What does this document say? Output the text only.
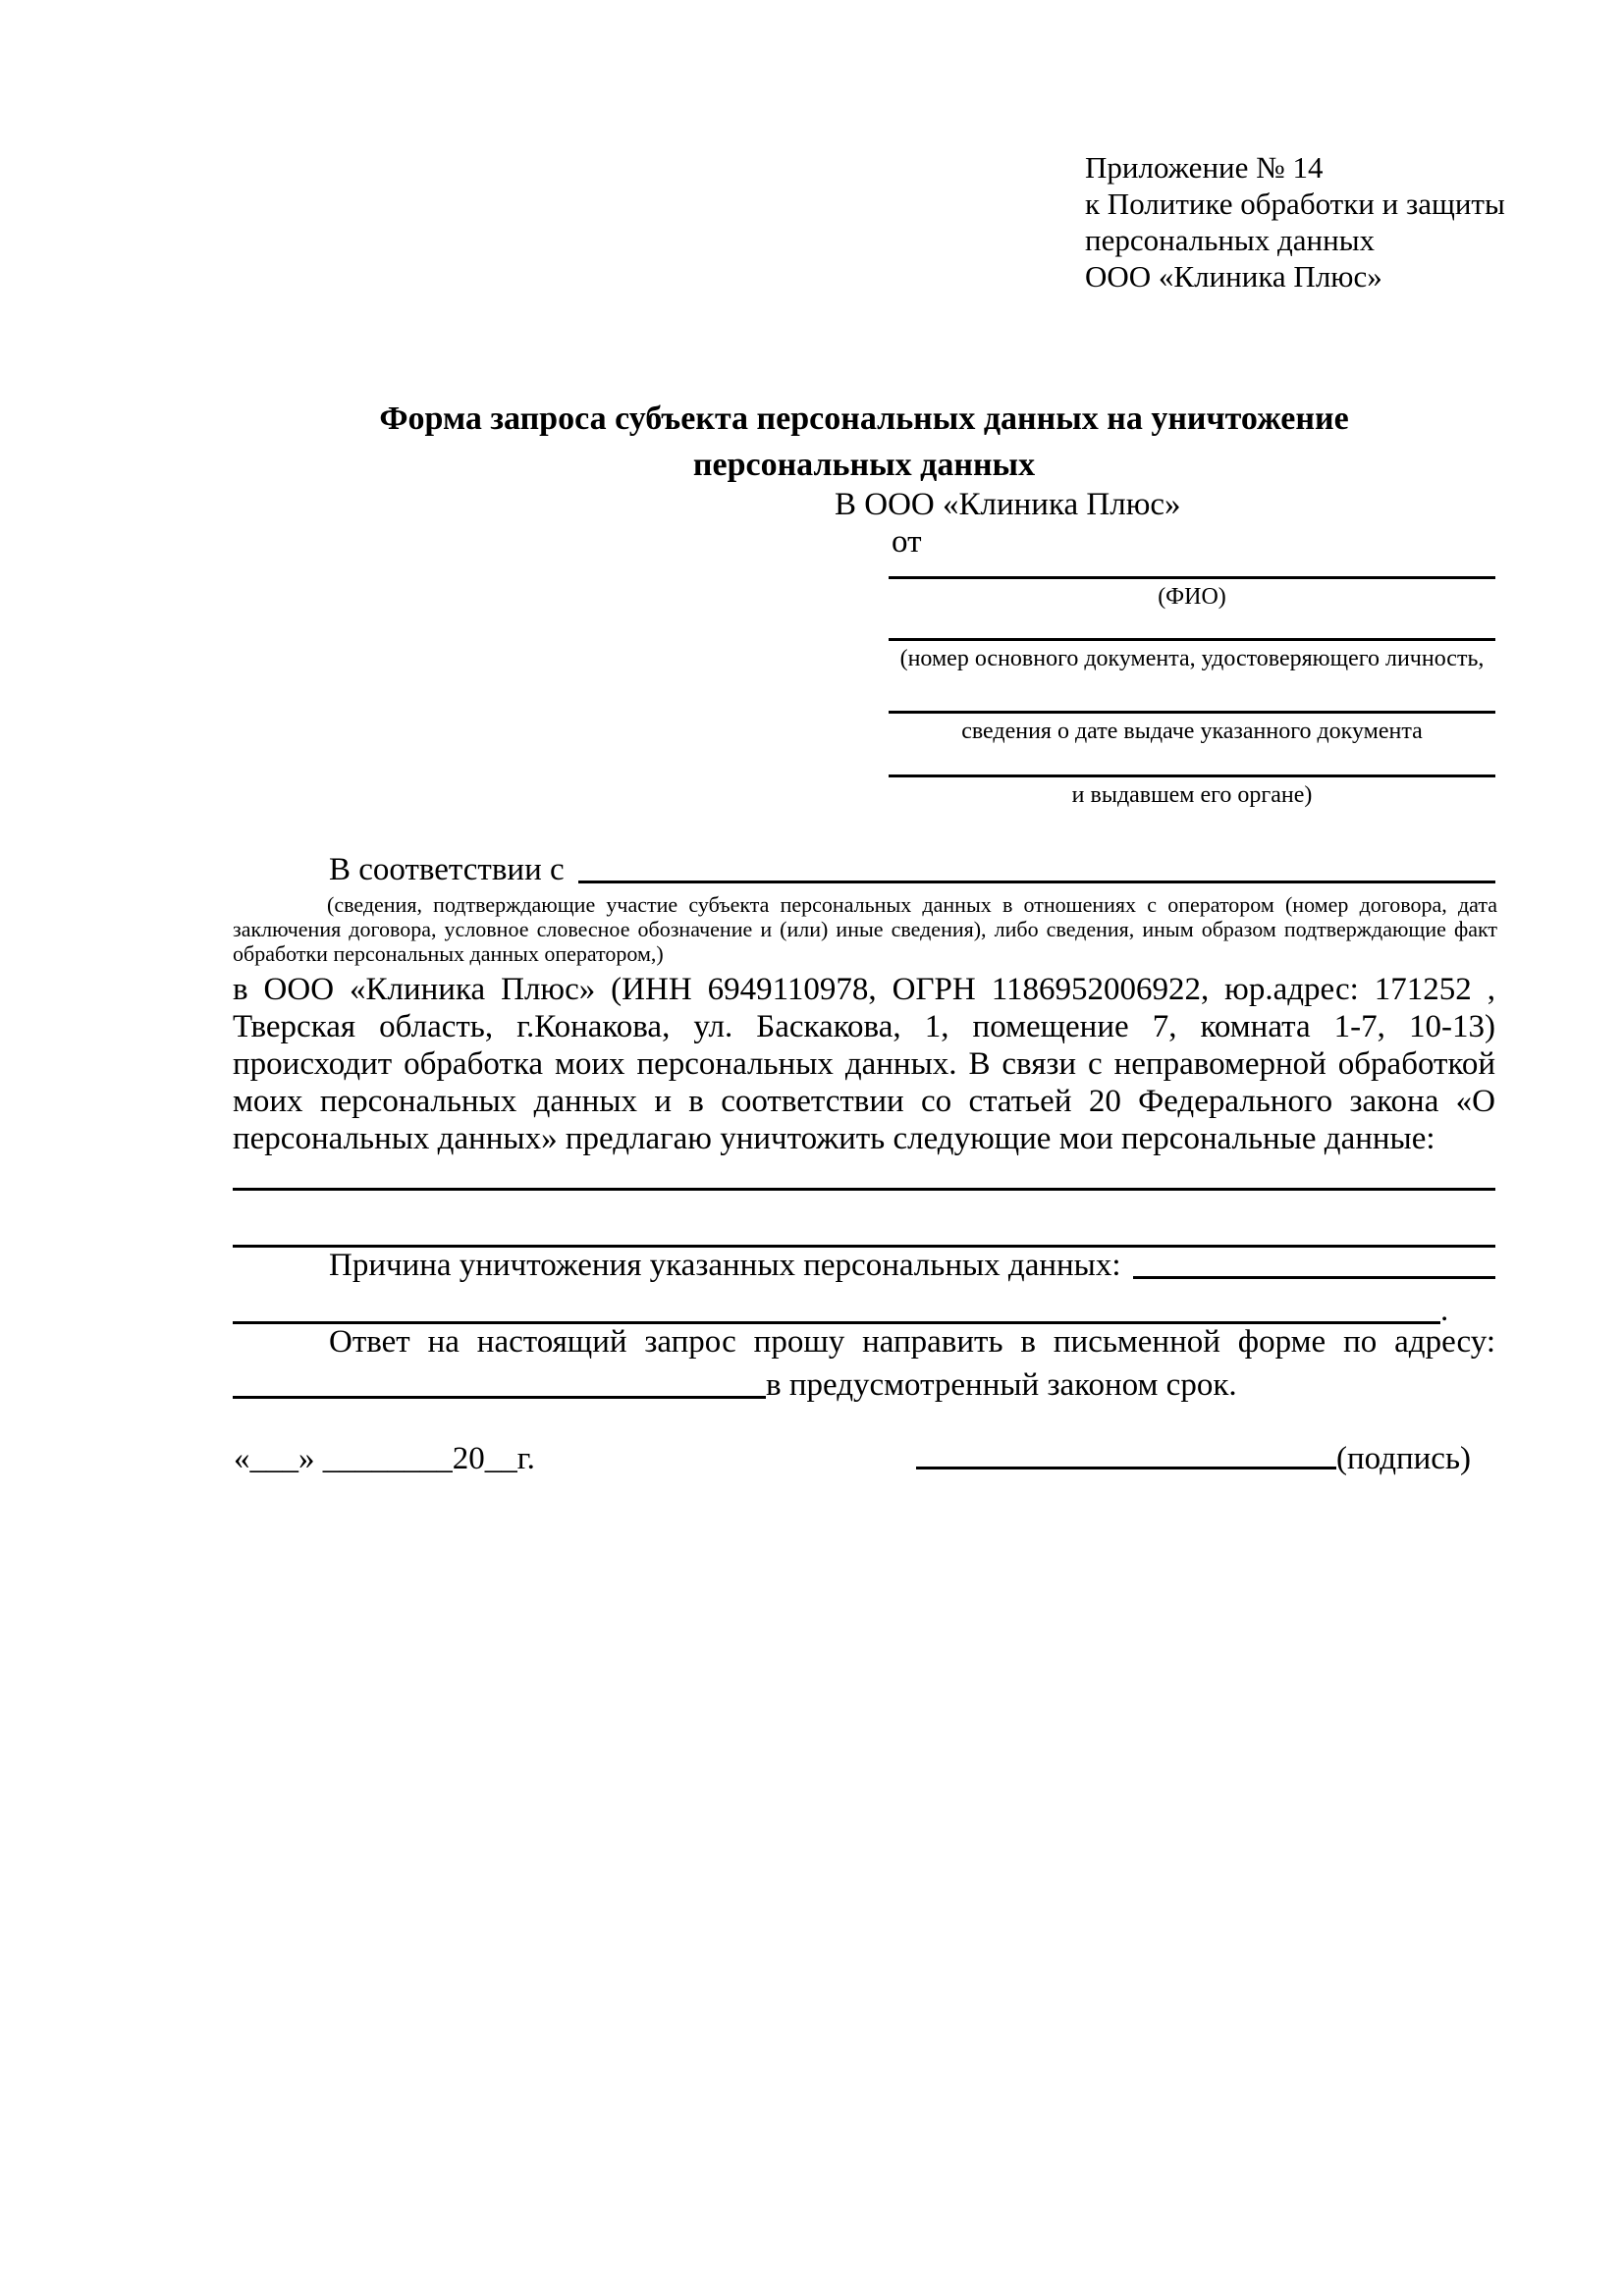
Приложение № 14
к Политике обработки и защиты
персональных данных
ООО «Клиника Плюс»
Форма запроса субъекта персональных данных на уничтожение
персональных данных
В ООО «Клиника Плюс»
от
(ФИО)
(номер основного документа, удостоверяющего личность,
сведения о дате выдаче указанного документа
и выдавшем его органе)
В соответствии с
(сведения, подтверждающие участие субъекта персональных данных в отношениях с оператором (номер договора, дата
заключения договора, условное словесное обозначение и (или) иные сведения), либо сведения, иным образом подтверждающие факт
обработки персональных данных оператором,)
в ООО «Клиника Плюс» (ИНН 6949110978, ОГРН 1186952006922, юр.адрес: 171252 ,
Тверская область, г.Конакова, ул. Баскакова, 1, помещение 7, комната 1-7, 10-13)
происходит обработка моих персональных данных. В связи с неправомерной обработкой
моих персональных данных и в соответствии со статьей 20 Федерального закона «О
персональных данных» предлагаю уничтожить следующие мои персональные данные:
Причина уничтожения указанных персональных данных:
.
Ответ на настоящий запрос прошу направить в письменной форме по адресу:
в предусмотренный законом срок.
«___» ________20__г.	(подпись)
